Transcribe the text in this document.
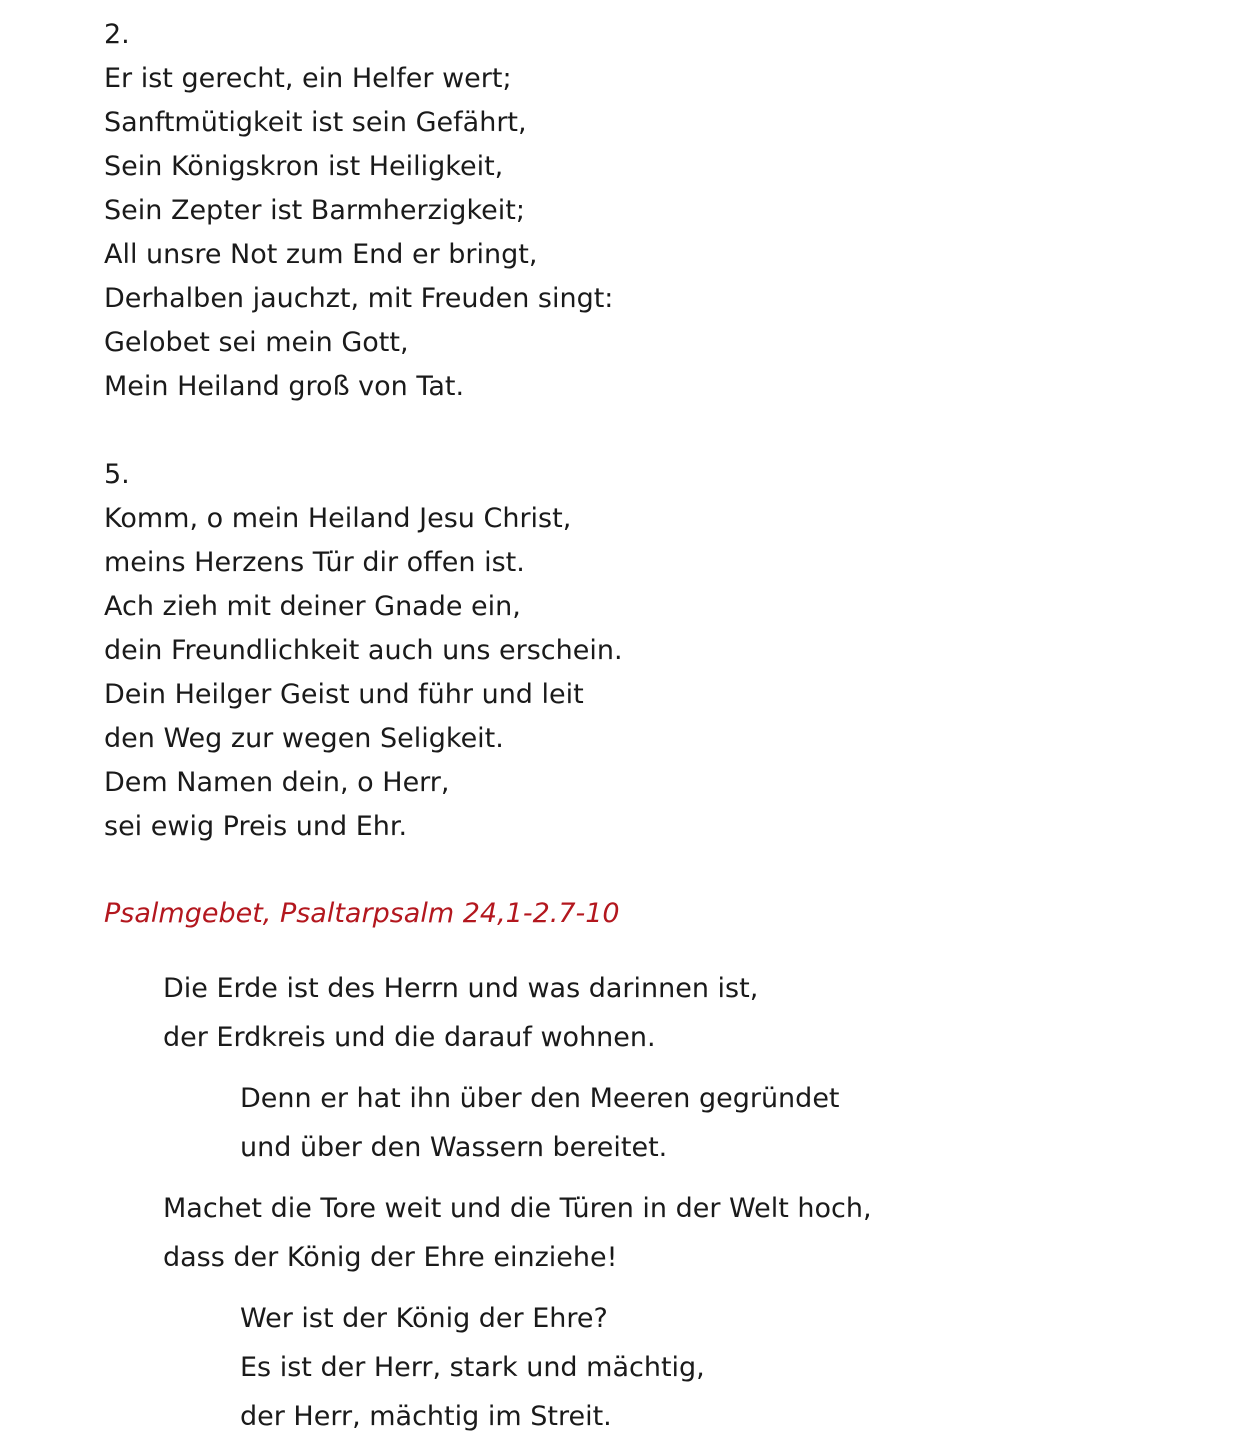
2.
Er ist gerecht, ein Helfer wert;
Sanftmütigkeit ist sein Gefährt,
Sein Königskron ist Heiligkeit,
Sein Zepter ist Barmherzigkeit;
All unsre Not zum End er bringt,
Derhalben jauchzt, mit Freuden singt:
Gelobet sei mein Gott,
Mein Heiland groß von Tat.
5.
Komm, o mein Heiland Jesu Christ,
meins Herzens Tür dir offen ist.
Ach zieh mit deiner Gnade ein,
dein Freundlichkeit auch uns erschein.
Dein Heilger Geist und führ und leit
den Weg zur wegen Seligkeit.
Dem Namen dein, o Herr,
sei ewig Preis und Ehr.
Psalmgebet, Psaltarpsalm 24,1-2.7-10
Die Erde ist des Herrn und was darinnen ist,
der Erdkreis und die darauf wohnen.
Denn er hat ihn über den Meeren gegründet
und über den Wassern bereitet.
Machet die Tore weit und die Türen in der Welt hoch,
dass der König der Ehre einziehe!
Wer ist der König der Ehre?
Es ist der Herr, stark und mächtig,
der Herr, mächtig im Streit.
